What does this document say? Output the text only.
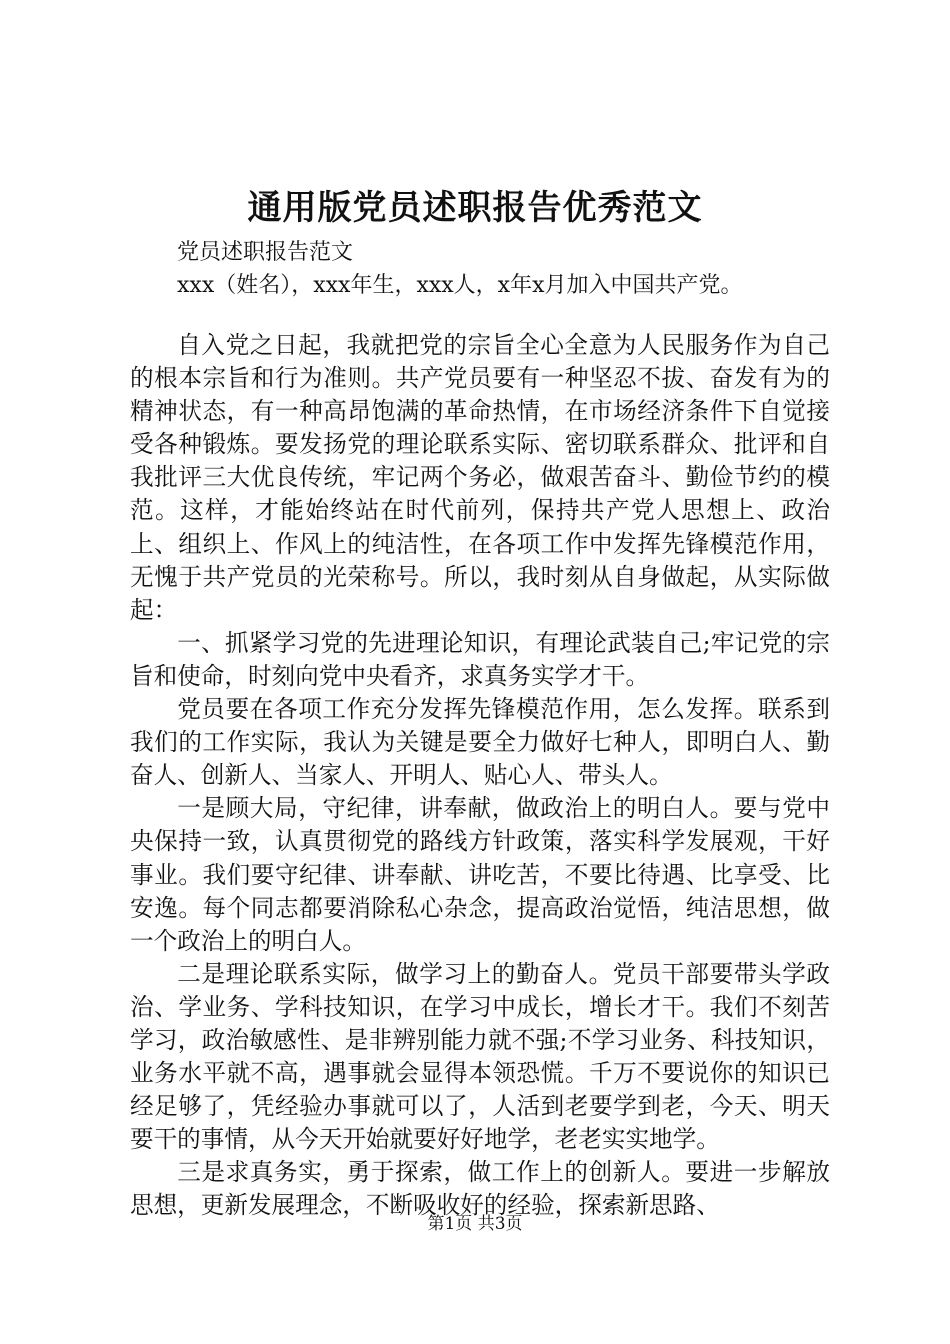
通用版党员述职报告优秀范文
党员述职报告范文
xxx（姓名），xxx年生，xxx人，x年x月加入中国共产党。

自入党之日起，我就把党的宗旨全心全意为人民服务作为自己的根本宗旨和行为准则。共产党员要有一种坚忍不拔、奋发有为的精神状态，有一种高昂饱满的革命热情，在市场经济条件下自觉接受各种锻炼。要发扬党的理论联系实际、密切联系群众、批评和自我批评三大优良传统，牢记两个务必，做艰苦奋斗、勤俭节约的模范。这样，才能始终站在时代前列，保持共产党人思想上、政治上、组织上、作风上的纯洁性，在各项工作中发挥先锋模范作用，无愧于共产党员的光荣称号。所以，我时刻从自身做起，从实际做起：

一、抓紧学习党的先进理论知识，有理论武装自己;牢记党的宗旨和使命，时刻向党中央看齐，求真务实学才干。

党员要在各项工作充分发挥先锋模范作用，怎么发挥。联系到我们的工作实际，我认为关键是要全力做好七种人，即明白人、勤奋人、创新人、当家人、开明人、贴心人、带头人。

一是顾大局，守纪律，讲奉献，做政治上的明白人。要与党中央保持一致，认真贯彻党的路线方针政策，落实科学发展观，干好事业。我们要守纪律、讲奉献、讲吃苦，不要比待遇、比享受、比安逸。每个同志都要消除私心杂念，提高政治觉悟，纯洁思想，做一个政治上的明白人。

二是理论联系实际，做学习上的勤奋人。党员干部要带头学政治、学业务、学科技知识，在学习中成长，增长才干。我们不刻苦学习，政治敏感性、是非辨别能力就不强;不学习业务、科技知识，业务水平就不高，遇事就会显得本领恐慌。千万不要说你的知识已经足够了，凭经验办事就可以了，人活到老要学到老，今天、明天要干的事情，从今天开始就要好好地学，老老实实地学。

三是求真务实，勇于探索，做工作上的创新人。要进一步解放思想，更新发展理念，不断吸收好的经验，探索新思路、

第1页 共3页
